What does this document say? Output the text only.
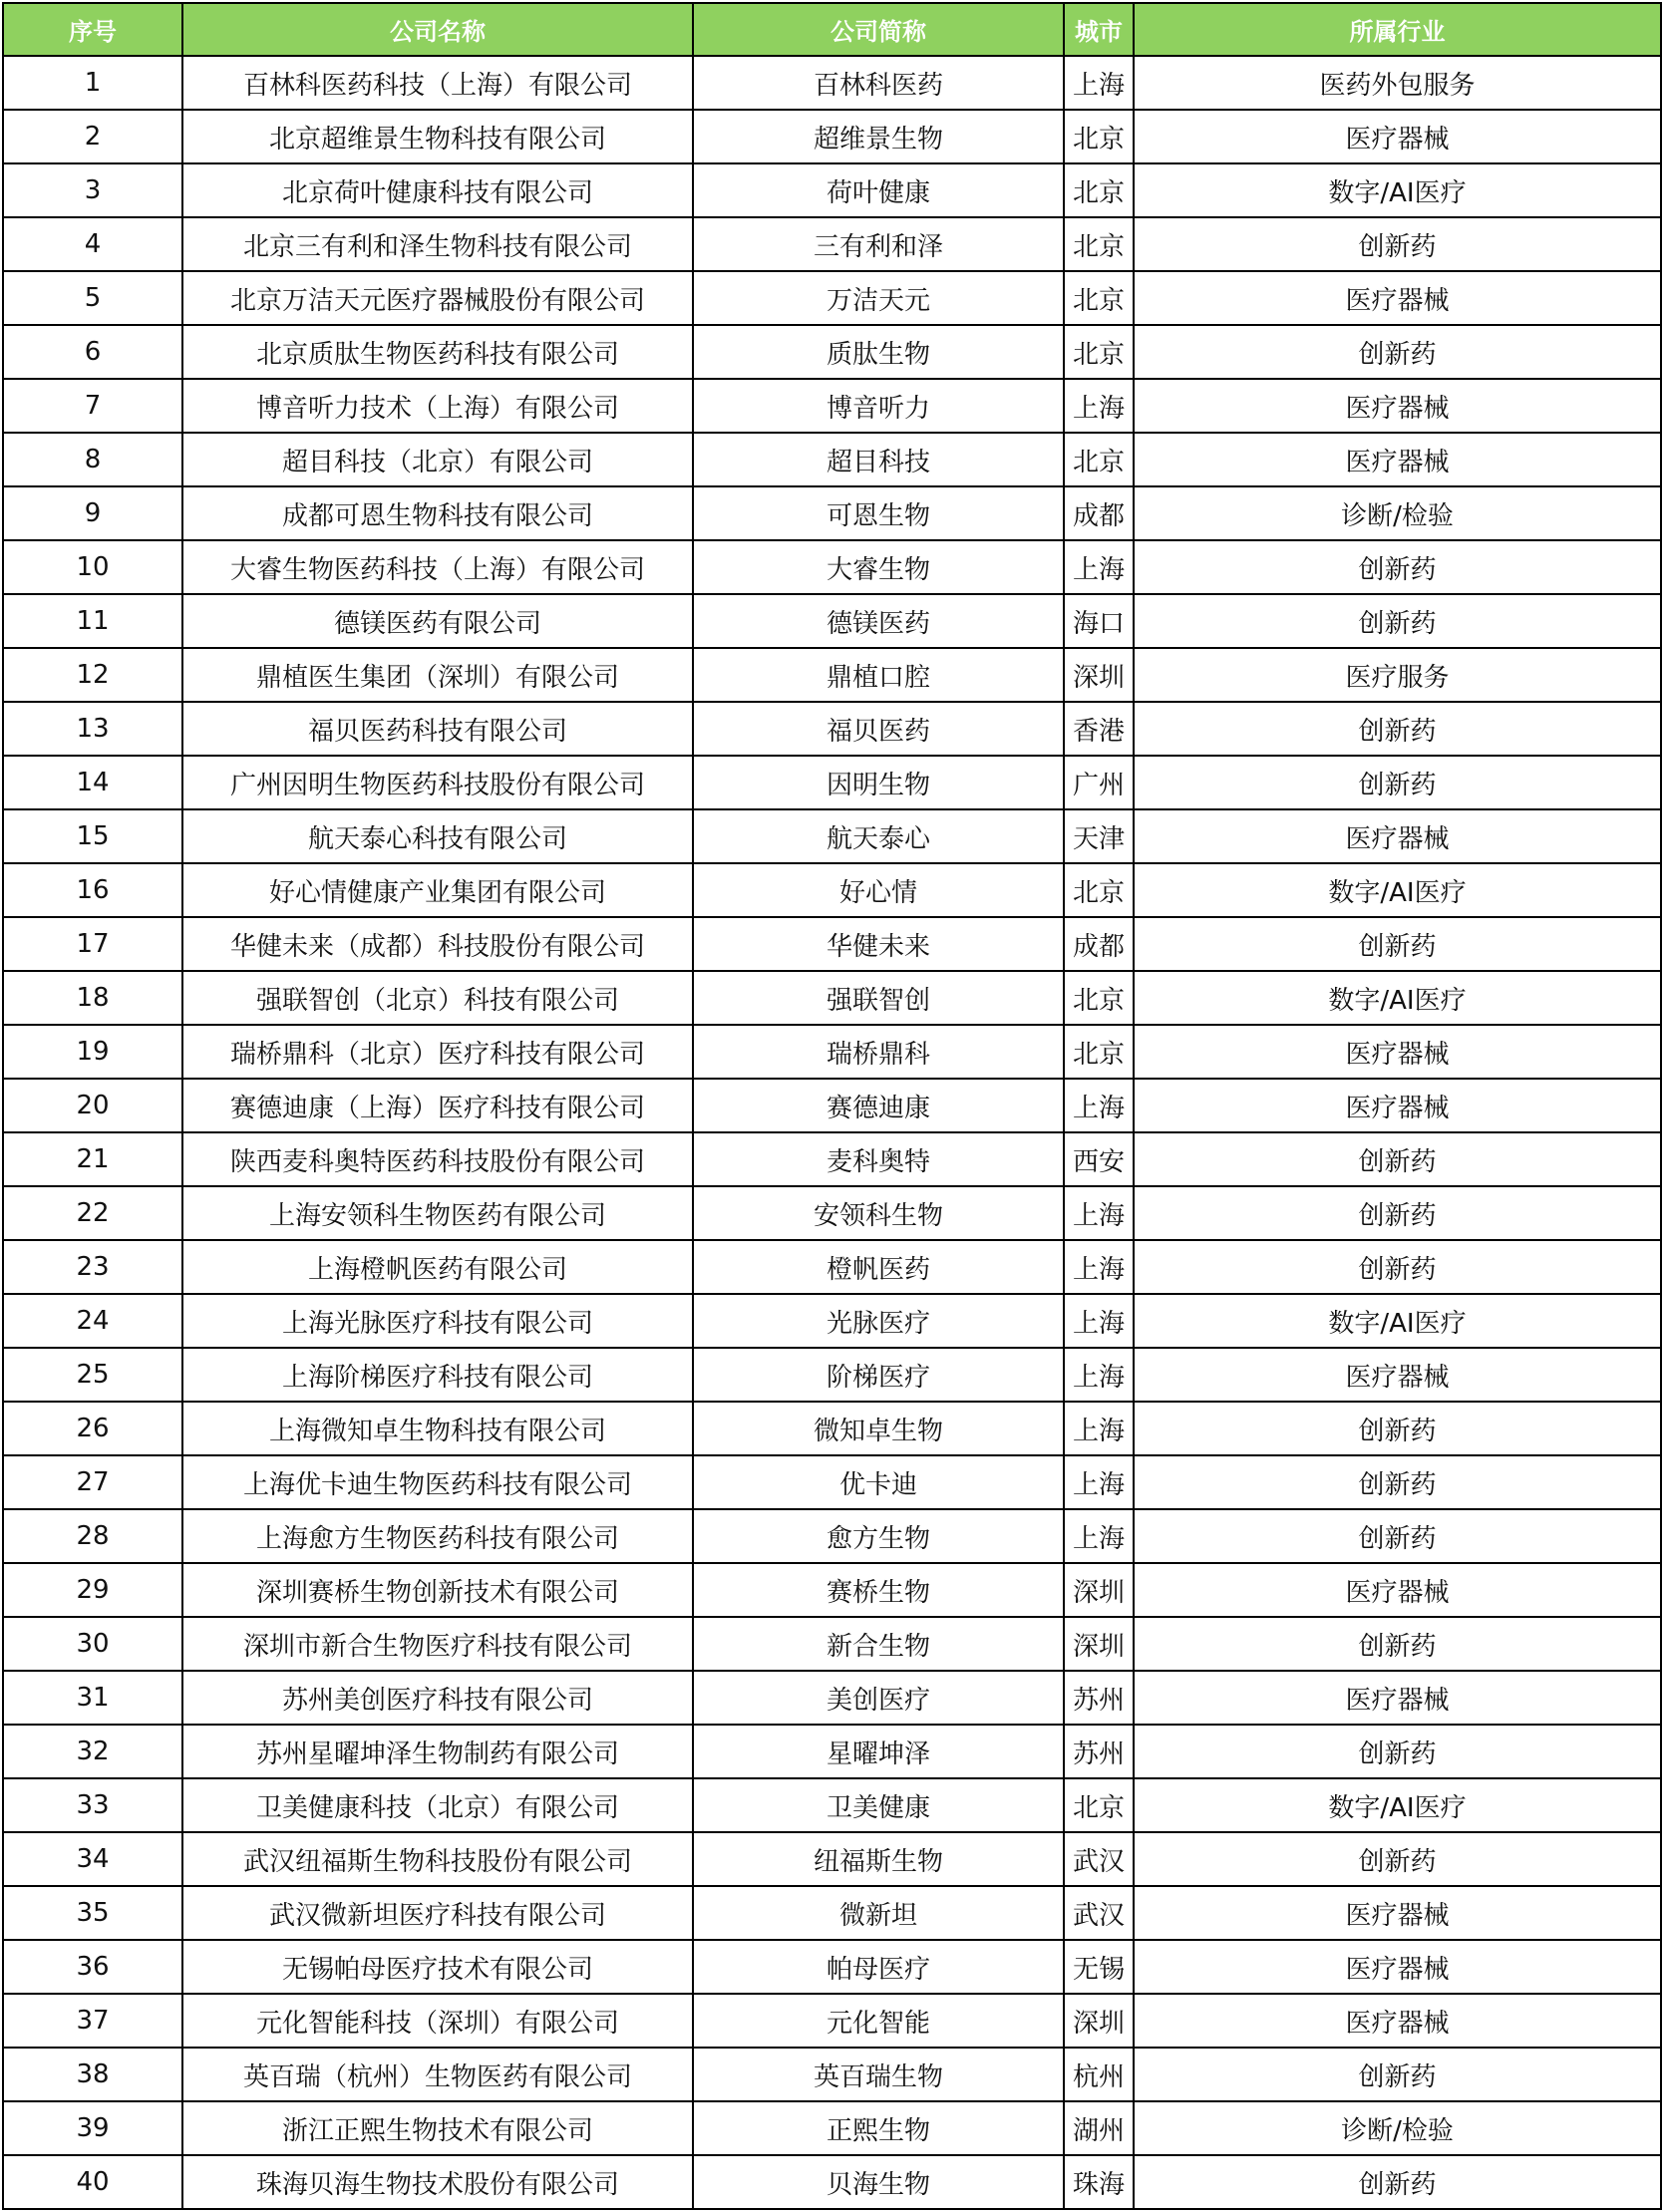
序号	公司名称	公司简称	城市	所属行业
1	百林科医药科技（上海）有限公司	百林科医药	上海	医药外包服务
2	北京超维景生物科技有限公司	超维景生物	北京	医疗器械
3	北京荷叶健康科技有限公司	荷叶健康	北京	数字/AI医疗
4	北京三有利和泽生物科技有限公司	三有利和泽	北京	创新药
5	北京万洁天元医疗器械股份有限公司	万洁天元	北京	医疗器械
6	北京质肽生物医药科技有限公司	质肽生物	北京	创新药
7	博音听力技术（上海）有限公司	博音听力	上海	医疗器械
8	超目科技（北京）有限公司	超目科技	北京	医疗器械
9	成都可恩生物科技有限公司	可恩生物	成都	诊断/检验
10	大睿生物医药科技（上海）有限公司	大睿生物	上海	创新药
11	德镁医药有限公司	德镁医药	海口	创新药
12	鼎植医生集团（深圳）有限公司	鼎植口腔	深圳	医疗服务
13	福贝医药科技有限公司	福贝医药	香港	创新药
14	广州因明生物医药科技股份有限公司	因明生物	广州	创新药
15	航天泰心科技有限公司	航天泰心	天津	医疗器械
16	好心情健康产业集团有限公司	好心情	北京	数字/AI医疗
17	华健未来（成都）科技股份有限公司	华健未来	成都	创新药
18	强联智创（北京）科技有限公司	强联智创	北京	数字/AI医疗
19	瑞桥鼎科（北京）医疗科技有限公司	瑞桥鼎科	北京	医疗器械
20	赛德迪康（上海）医疗科技有限公司	赛德迪康	上海	医疗器械
21	陕西麦科奥特医药科技股份有限公司	麦科奥特	西安	创新药
22	上海安领科生物医药有限公司	安领科生物	上海	创新药
23	上海橙帆医药有限公司	橙帆医药	上海	创新药
24	上海光脉医疗科技有限公司	光脉医疗	上海	数字/AI医疗
25	上海阶梯医疗科技有限公司	阶梯医疗	上海	医疗器械
26	上海微知卓生物科技有限公司	微知卓生物	上海	创新药
27	上海优卡迪生物医药科技有限公司	优卡迪	上海	创新药
28	上海愈方生物医药科技有限公司	愈方生物	上海	创新药
29	深圳赛桥生物创新技术有限公司	赛桥生物	深圳	医疗器械
30	深圳市新合生物医疗科技有限公司	新合生物	深圳	创新药
31	苏州美创医疗科技有限公司	美创医疗	苏州	医疗器械
32	苏州星曜坤泽生物制药有限公司	星曜坤泽	苏州	创新药
33	卫美健康科技（北京）有限公司	卫美健康	北京	数字/AI医疗
34	武汉纽福斯生物科技股份有限公司	纽福斯生物	武汉	创新药
35	武汉微新坦医疗科技有限公司	微新坦	武汉	医疗器械
36	无锡帕母医疗技术有限公司	帕母医疗	无锡	医疗器械
37	元化智能科技（深圳）有限公司	元化智能	深圳	医疗器械
38	英百瑞（杭州）生物医药有限公司	英百瑞生物	杭州	创新药
39	浙江正熙生物技术有限公司	正熙生物	湖州	诊断/检验
40	珠海贝海生物技术股份有限公司	贝海生物	珠海	创新药
